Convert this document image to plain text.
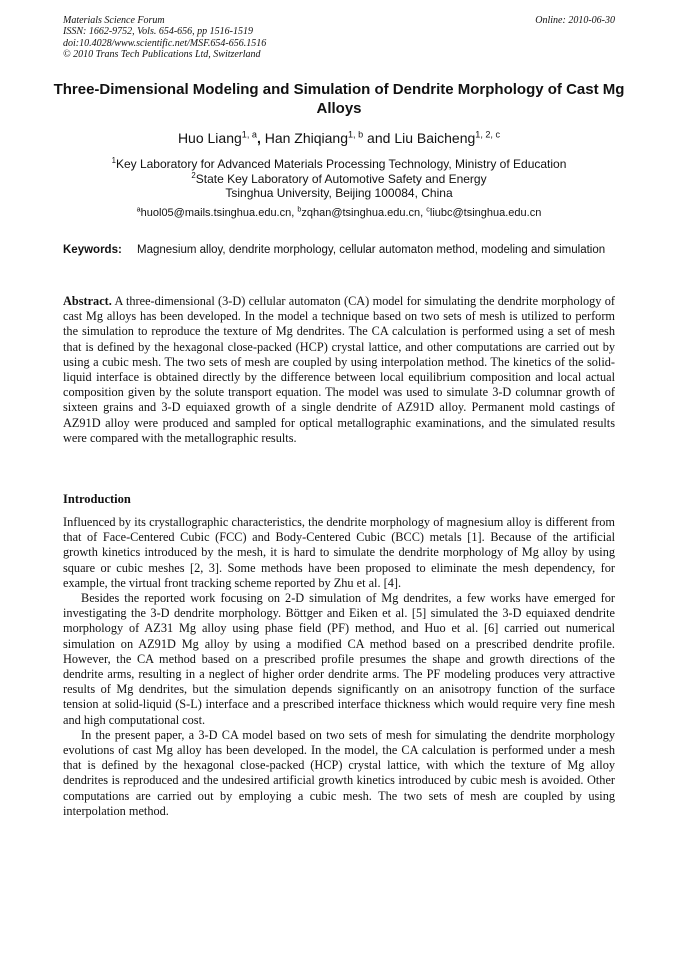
Materials Science Forum
ISSN: 1662-9752, Vols. 654-656, pp 1516-1519
doi:10.4028/www.scientific.net/MSF.654-656.1516
© 2010 Trans Tech Publications Ltd, Switzerland
Online: 2010-06-30
Three-Dimensional Modeling and Simulation of Dendrite Morphology of Cast Mg Alloys
Huo Liang$^{1, a}$, Han Zhiqiang$^{1, b}$ and Liu Baicheng$^{1, 2, c}$
$^1$Key Laboratory for Advanced Materials Processing Technology, Ministry of Education
$^2$State Key Laboratory of Automotive Safety and Energy
Tsinghua University, Beijing 100084, China
$^a$huol05@mails.tsinghua.edu.cn, $^b$zqhan@tsinghua.edu.cn, $^c$liubc@tsinghua.edu.cn
Keywords:	Magnesium alloy, dendrite morphology, cellular automaton method, modeling and simulation
Abstract. A three-dimensional (3-D) cellular automaton (CA) model for simulating the dendrite morphology of cast Mg alloys has been developed. In the model a technique based on two sets of mesh is utilized to perform the simulation to reproduce the texture of Mg dendrites. The CA calculation is performed using a set of mesh that is defined by the hexagonal close-packed (HCP) crystal lattice, and other computations are carried out by using a cubic mesh. The two sets of mesh are coupled by using interpolation method. The kinetics of the solid-liquid interface is obtained directly by the difference between local equilibrium composition and local actual composition given by the solute transport equation. The model was used to simulate 3-D columnar growth of sixteen grains and 3-D equiaxed growth of a single dendrite of AZ91D alloy. Permanent mold castings of AZ91D alloy were produced and sampled for optical metallographic examinations, and the simulated results were compared with the metallographic results.
Introduction

Influenced by its crystallographic characteristics, the dendrite morphology of magnesium alloy is different from that of Face-Centered Cubic (FCC) and Body-Centered Cubic (BCC) metals [1]. Because of the artificial growth kinetics introduced by the mesh, it is hard to simulate the dendrite morphology of Mg alloy by using square or cubic meshes [2, 3]. Some methods have been proposed to eliminate the mesh dependency, for example, the virtual front tracking scheme reported by Zhu et al. [4].

Besides the reported work focusing on 2-D simulation of Mg dendrites, a few works have emerged for investigating the 3-D dendrite morphology. Böttger and Eiken et al. [5] simulated the 3-D equiaxed dendrite morphology of AZ31 Mg alloy using phase field (PF) method, and Huo et al. [6] carried out numerical simulation on AZ91D Mg alloy by using a modified CA method based on a prescribed dendrite profile. However, the CA method based on a prescribed profile presumes the shape and growth directions of the dendrite arms, resulting in a neglect of higher order dendrite arms. The PF modeling produces very attractive results of Mg dendrites, but the simulation depends significantly on an anisotropy function of the surface tension at solid-liquid (S-L) interface and a prescribed interface thickness which would require very fine mesh and high computational cost.

In the present paper, a 3-D CA model based on two sets of mesh for simulating the dendrite morphology evolutions of cast Mg alloy has been developed. In the model, the CA calculation is performed under a mesh that is defined by the hexagonal close-packed (HCP) crystal lattice, with which the texture of Mg alloy dendrites is reproduced and the undesired artificial growth kinetics introduced by cubic mesh is avoided. Other computations are carried out by employing a cubic mesh. The two sets of mesh are coupled by using interpolation method.
